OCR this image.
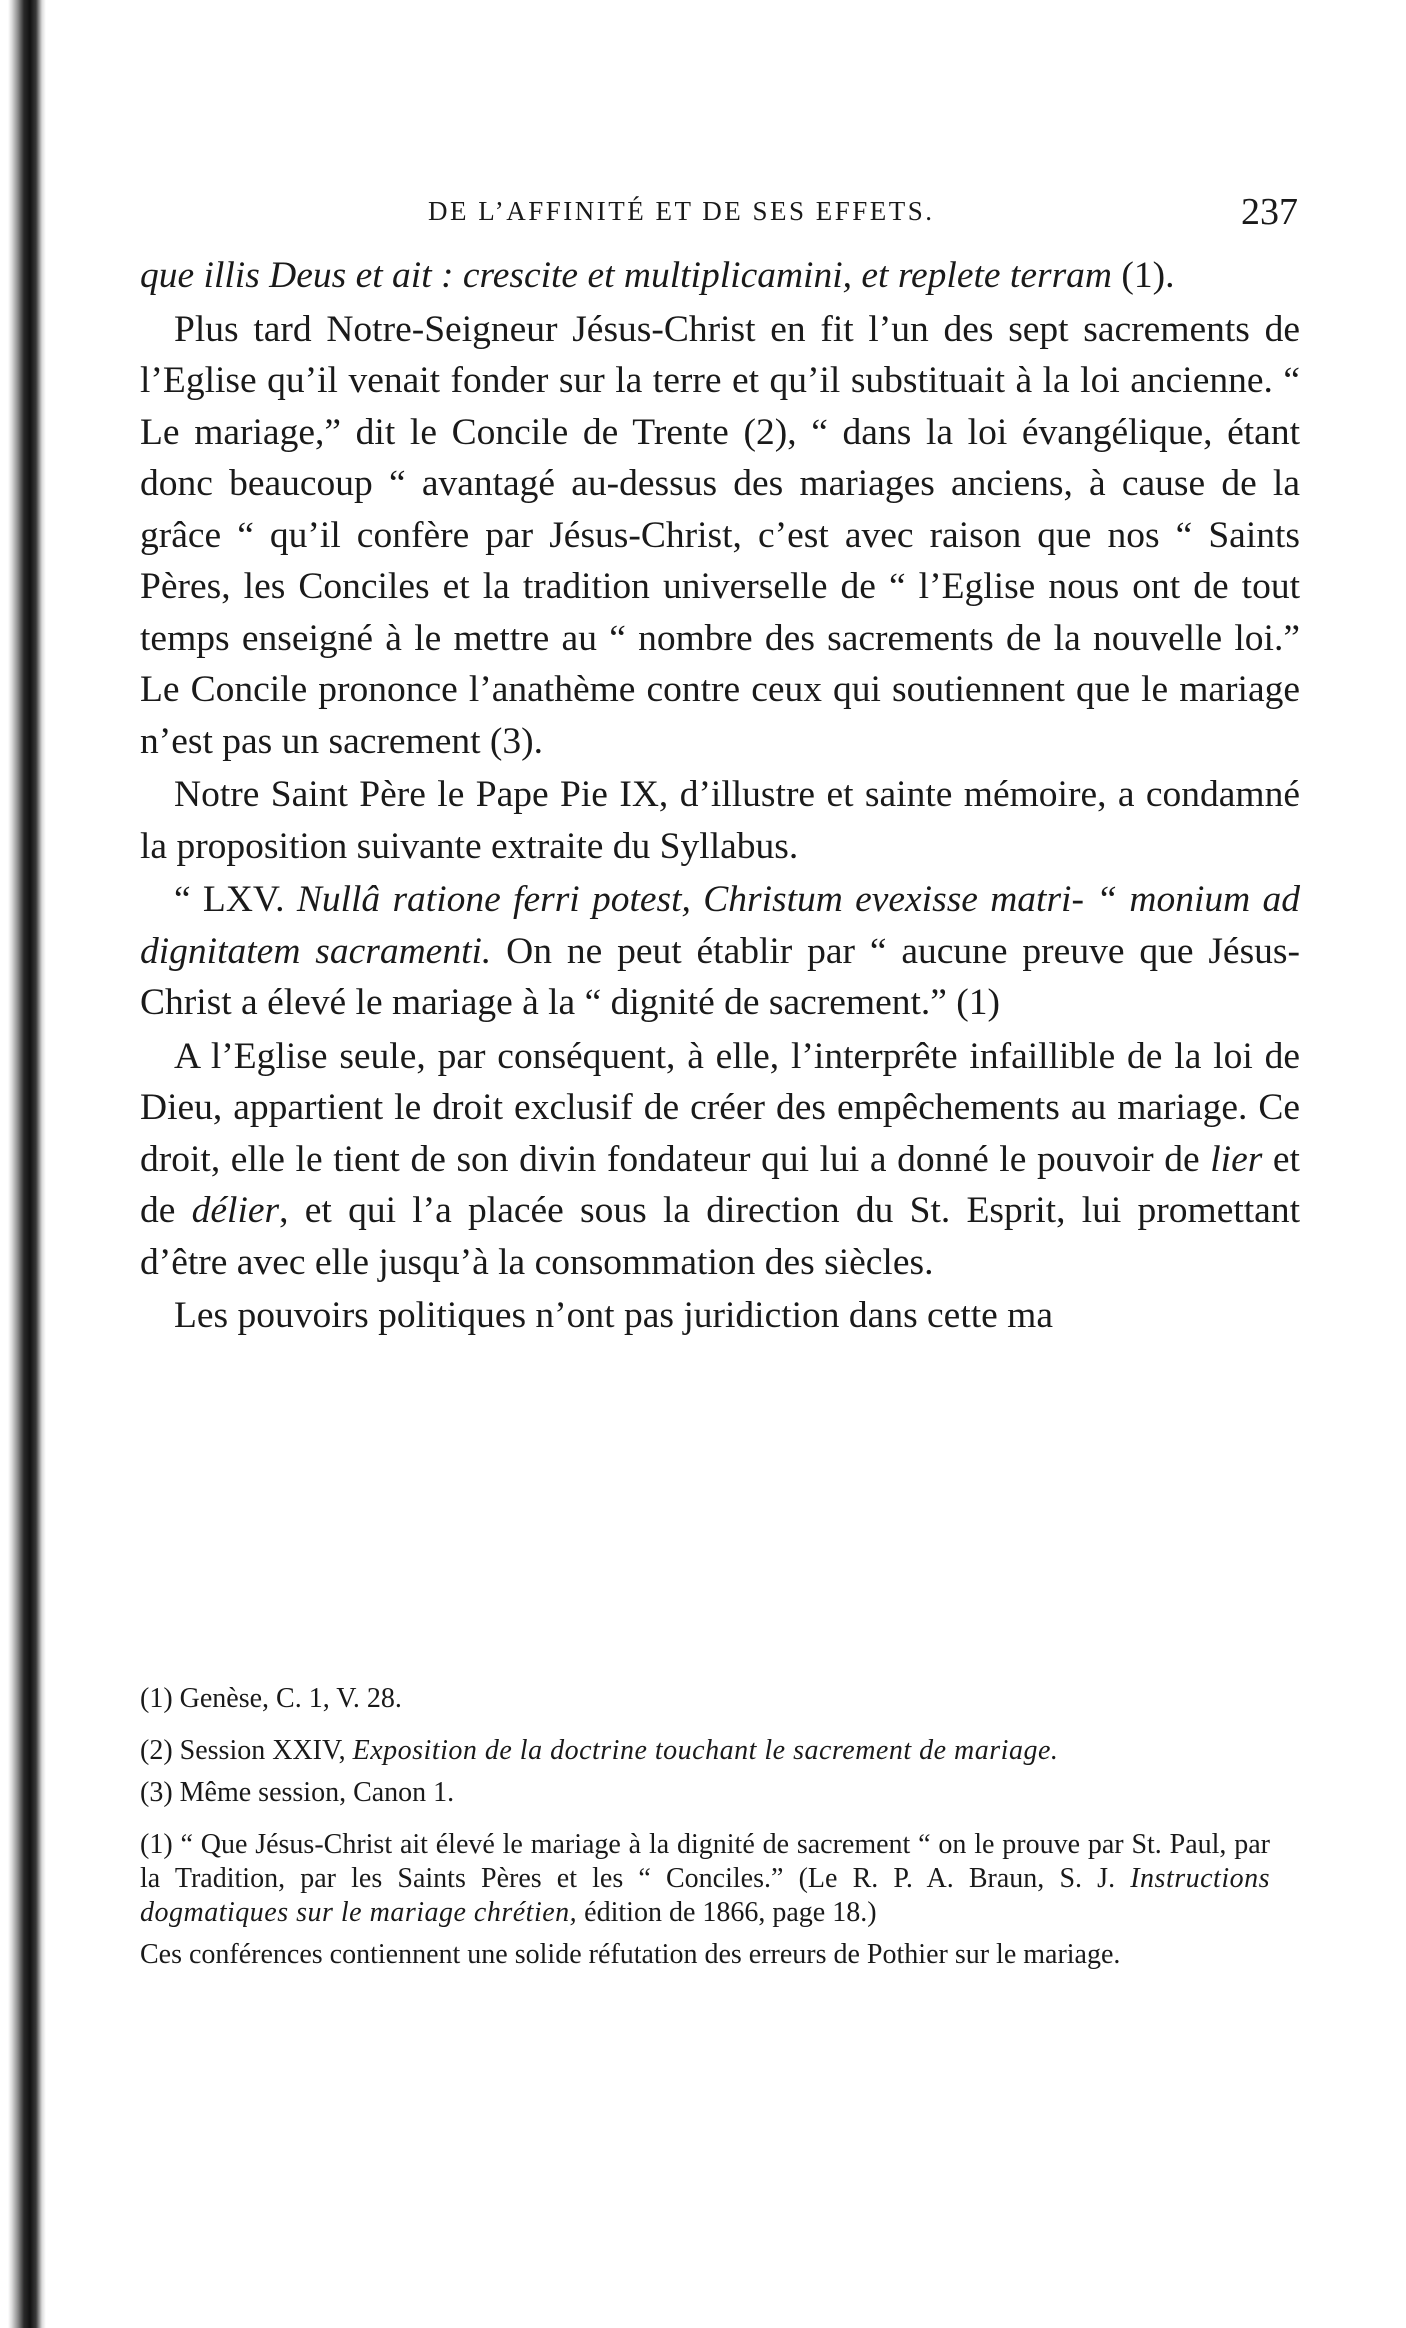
DE L’AFFINITÉ ET DE SES EFFETS.	237

que illis Deus et ait : crescite et multiplicamini, et replete terram (1).

Plus tard Notre-Seigneur Jésus-Christ en fit l’un des sept sacrements de l’Eglise qu’il venait fonder sur la terre et qu’il substituait à la loi ancienne. “ Le mariage,” dit le Concile de Trente (2), “ dans la loi évangélique, étant donc beaucoup “ avantagé au-dessus des mariages anciens, à cause de la grâce “ qu’il confère par Jésus-Christ, c’est avec raison que nos “ Saints Pères, les Conciles et la tradition universelle de “ l’Eglise nous ont de tout temps enseigné à le mettre au “ nombre des sacrements de la nouvelle loi.” Le Concile prononce l’anathème contre ceux qui soutiennent que le mariage n’est pas un sacrement (3).

Notre Saint Père le Pape Pie IX, d’illustre et sainte mémoire, a condamné la proposition suivante extraite du Syllabus.

“ LXV. Nullâ ratione ferri potest, Christum evexisse matri- “ monium ad dignitatem sacramenti. On ne peut établir par “ aucune preuve que Jésus-Christ a élevé le mariage à la “ dignité de sacrement.” (1)

A l’Eglise seule, par conséquent, à elle, l’interprête infaillible de la loi de Dieu, appartient le droit exclusif de créer des empêchements au mariage. Ce droit, elle le tient de son divin fondateur qui lui a donné le pouvoir de lier et de délier, et qui l’a placée sous la direction du St. Esprit, lui promettant d’être avec elle jusqu’à la consommation des siècles.

Les pouvoirs politiques n’ont pas juridiction dans cette ma

(1) Genèse, C. 1, V. 28.

(2) Session XXIV, Exposition de la doctrine touchant le sacrement de mariage.

(3) Même session, Canon 1.

(1) “ Que Jésus-Christ ait élevé le mariage à la dignité de sacrement “ on le prouve par St. Paul, par la Tradition, par les Saints Pères et les “ Conciles.” (Le R. P. A. Braun, S. J. Instructions dogmatiques sur le mariage chrétien, édition de 1866, page 18.)

Ces conférences contiennent une solide réfutation des erreurs de Pothier sur le mariage.
